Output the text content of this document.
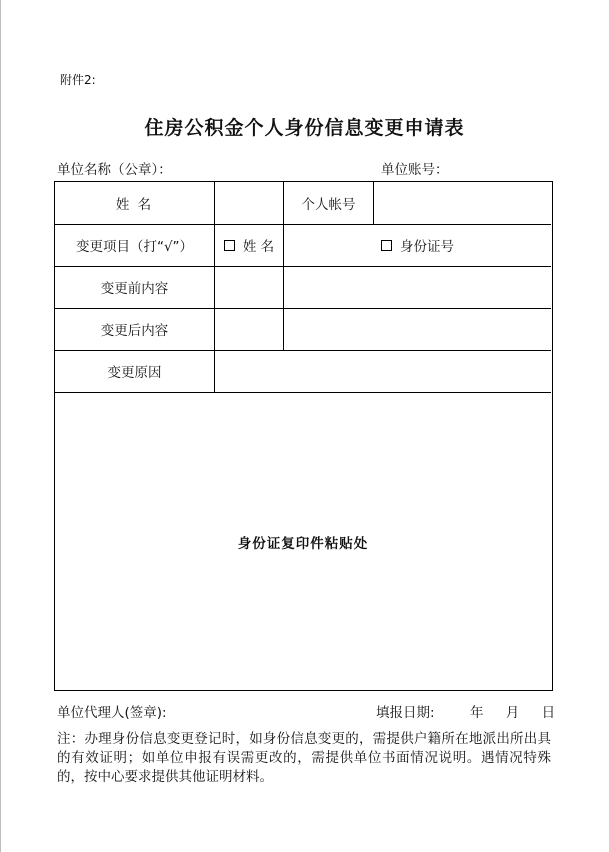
附件2:
住房公积金个人身份信息变更申请表
单位名称（公章）：	单位账号：
姓 名	个人帐号
变更项目（打“√”）	姓 名	身份证号
变更前内容
变更后内容
变更原因
身份证复印件粘贴处
单位代理人(签章):	填报日期:	年 月 日
注：办理身份信息变更登记时，如身份信息变更的，需提供户籍所在地派出所出具的有效证明；如单位申报有误需更改的，需提供单位书面情况说明。遇情况特殊的，按中心要求提供其他证明材料。
